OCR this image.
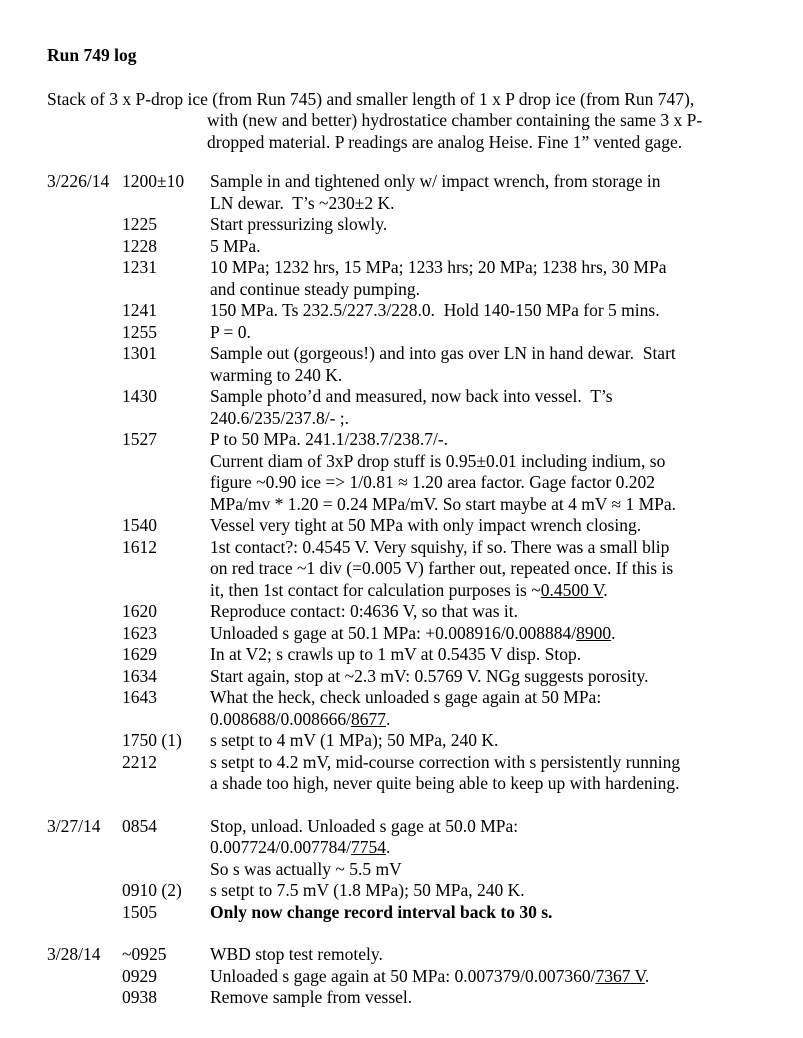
Run 749 log
Stack of 3 x P-drop ice (from Run 745) and smaller length of 1 x P drop ice (from Run 747),
with (new and better) hydrostatice chamber containing the same 3 x P-
dropped material. P readings are analog Heise. Fine 1” vented gage.
3/226/14 1200±10	Sample in and tightened only w/ impact wrench, from storage in
LN dewar.  T’s ~230±2 K.
1225	Start pressurizing slowly.
1228	5 MPa.
1231	10 MPa; 1232 hrs, 15 MPa; 1233 hrs; 20 MPa; 1238 hrs, 30 MPa
and continue steady pumping.
1241	150 MPa. Ts 232.5/227.3/228.0.  Hold 140-150 MPa for 5 mins.
1255	P = 0.
1301	Sample out (gorgeous!) and into gas over LN in hand dewar.  Start
warming to 240 K.
1430	Sample photo’d and measured, now back into vessel.  T’s
240.6/235/237.8/- ;.
1527	P to 50 MPa. 241.1/238.7/238.7/-.
Current diam of 3xP drop stuff is 0.95±0.01 including indium, so
figure ~0.90 ice => 1/0.81 ≈ 1.20 area factor. Gage factor 0.202
MPa/mv * 1.20 = 0.24 MPa/mV. So start maybe at 4 mV ≈ 1 MPa.
1540	Vessel very tight at 50 MPa with only impact wrench closing.
1612	1st contact?: 0.4545 V. Very squishy, if so. There was a small blip
on red trace ~1 div (=0.005 V) farther out, repeated once. If this is
it, then 1st contact for calculation purposes is ~0.4500 V.
1620	Reproduce contact: 0:4636 V, so that was it.
1623	Unloaded s gage at 50.1 MPa: +0.008916/0.008884/8900.
1629	In at V2; s crawls up to 1 mV at 0.5435 V disp. Stop.
1634	Start again, stop at ~2.3 mV: 0.5769 V. NGg suggests porosity.
1643	What the heck, check unloaded s gage again at 50 MPa:
0.008688/0.008666/8677.
1750 (1)	s setpt to 4 mV (1 MPa); 50 MPa, 240 K.
2212	s setpt to 4.2 mV, mid-course correction with s persistently running
a shade too high, never quite being able to keep up with hardening.
3/27/14	0854	Stop, unload. Unloaded s gage at 50.0 MPa:
0.007724/0.007784/7754.
So s was actually ~ 5.5 mV
0910 (2)	s setpt to 7.5 mV (1.8 MPa); 50 MPa, 240 K.
1505	Only now change record interval back to 30 s.
3/28/14	~0925	WBD stop test remotely.
0929	Unloaded s gage again at 50 MPa: 0.007379/0.007360/7367 V.
0938	Remove sample from vessel.
